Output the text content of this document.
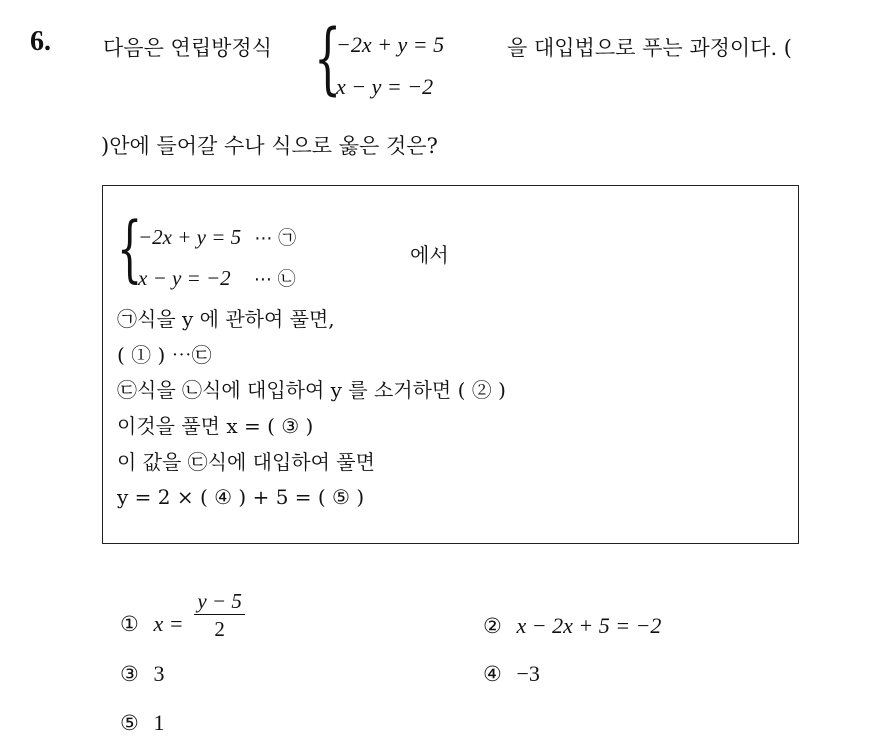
6. 다음은 연립방정식 {
−2x + y = 5
x − y = −2
을 대입법으로 푸는 과정이다. (
)안에 들어갈 수나 식으로 옳은 것은?
{
−2x + y = 5 ⋯ ㉠
x − y = −2 ⋯ ㉡
에서
㉠식을 y 에 관하여 풀면,
( ① ) ⋯㉢
㉢식을 ㉡식에 대입하여 y 를 소거하면 ( ② )
이것을 풀면 x = ( ③ )
이 값을 ㉢식에 대입하여 풀면
y = 2 × ( ④ ) + 5 = ( ⑤ )
① $x = \frac{y - 5}{2}$	② x − 2x + 5 = −2
③ 3	④ −3
⑤ 1
